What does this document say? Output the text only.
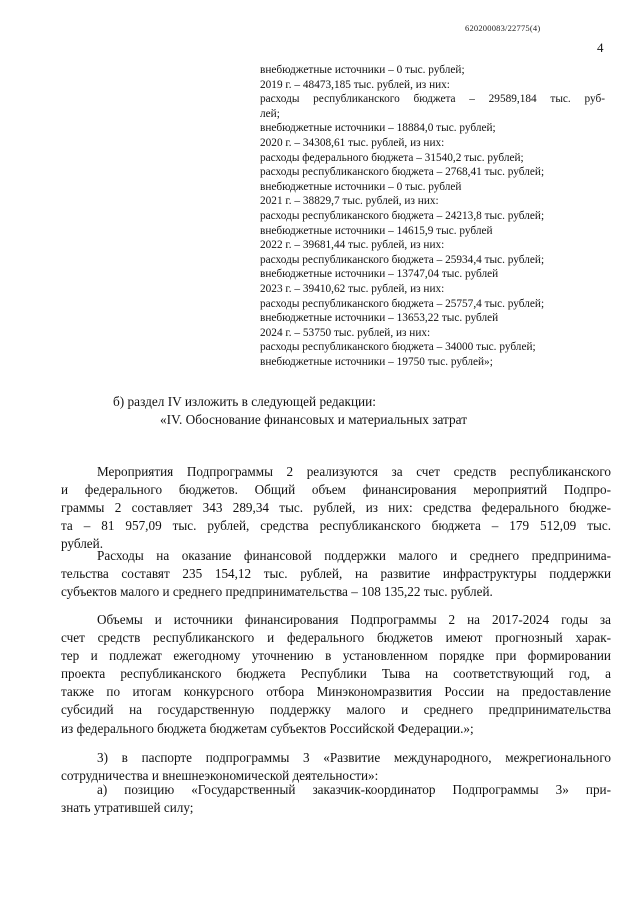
620200083/22775(4)
4
внебюджетные источники – 0 тыс. рублей;
2019 г. – 48473,185 тыс. рублей, из них:
расходы республиканского бюджета – 29589,184 тыс. руб-
лей;
внебюджетные источники – 18884,0 тыс. рублей;
2020 г. – 34308,61 тыс. рублей, из них:
расходы федерального бюджета – 31540,2 тыс. рублей;
расходы республиканского бюджета – 2768,41 тыс. рублей;
внебюджетные источники – 0 тыс. рублей
2021 г. – 38829,7 тыс. рублей, из них:
расходы республиканского бюджета – 24213,8 тыс. рублей;
внебюджетные источники – 14615,9 тыс. рублей
2022 г. – 39681,44 тыс. рублей, из них:
расходы республиканского бюджета – 25934,4 тыс. рублей;
внебюджетные источники – 13747,04 тыс. рублей
2023 г. – 39410,62 тыс. рублей, из них:
расходы республиканского бюджета – 25757,4 тыс. рублей;
внебюджетные источники – 13653,22 тыс. рублей
2024 г. – 53750 тыс. рублей, из них:
расходы республиканского бюджета – 34000 тыс. рублей;
внебюджетные источники – 19750 тыс. рублей»;
б) раздел IV изложить в следующей редакции:
«IV. Обоснование финансовых и материальных затрат
Мероприятия Подпрограммы 2 реализуются за счет средств республиканского
и федерального бюджетов. Общий объем финансирования мероприятий Подпро-
граммы 2 составляет 343 289,34 тыс. рублей, из них: средства федерального бюдже-
та – 81 957,09 тыс. рублей, средства республиканского бюджета – 179 512,09 тыс.
рублей.
Расходы на оказание финансовой поддержки малого и среднего предпринима-
тельства составят 235 154,12 тыс. рублей, на развитие инфраструктуры поддержки
субъектов малого и среднего предпринимательства – 108 135,22 тыс. рублей.
Объемы и источники финансирования Подпрограммы 2 на 2017-2024 годы за
счет средств республиканского и федерального бюджетов имеют прогнозный харак-
тер и подлежат ежегодному уточнению в установленном порядке при формировании
проекта республиканского бюджета Республики Тыва на соответствующий год, а
также по итогам конкурсного отбора Минэкономразвития России на предоставление
субсидий на государственную поддержку малого и среднего предпринимательства
из федерального бюджета бюджетам субъектов Российской Федерации.»;
3) в паспорте подпрограммы 3 «Развитие международного, межрегионального
сотрудничества и внешнеэкономической деятельности»:
а) позицию «Государственный заказчик-координатор Подпрограммы 3» при-
знать утратившей силу;
